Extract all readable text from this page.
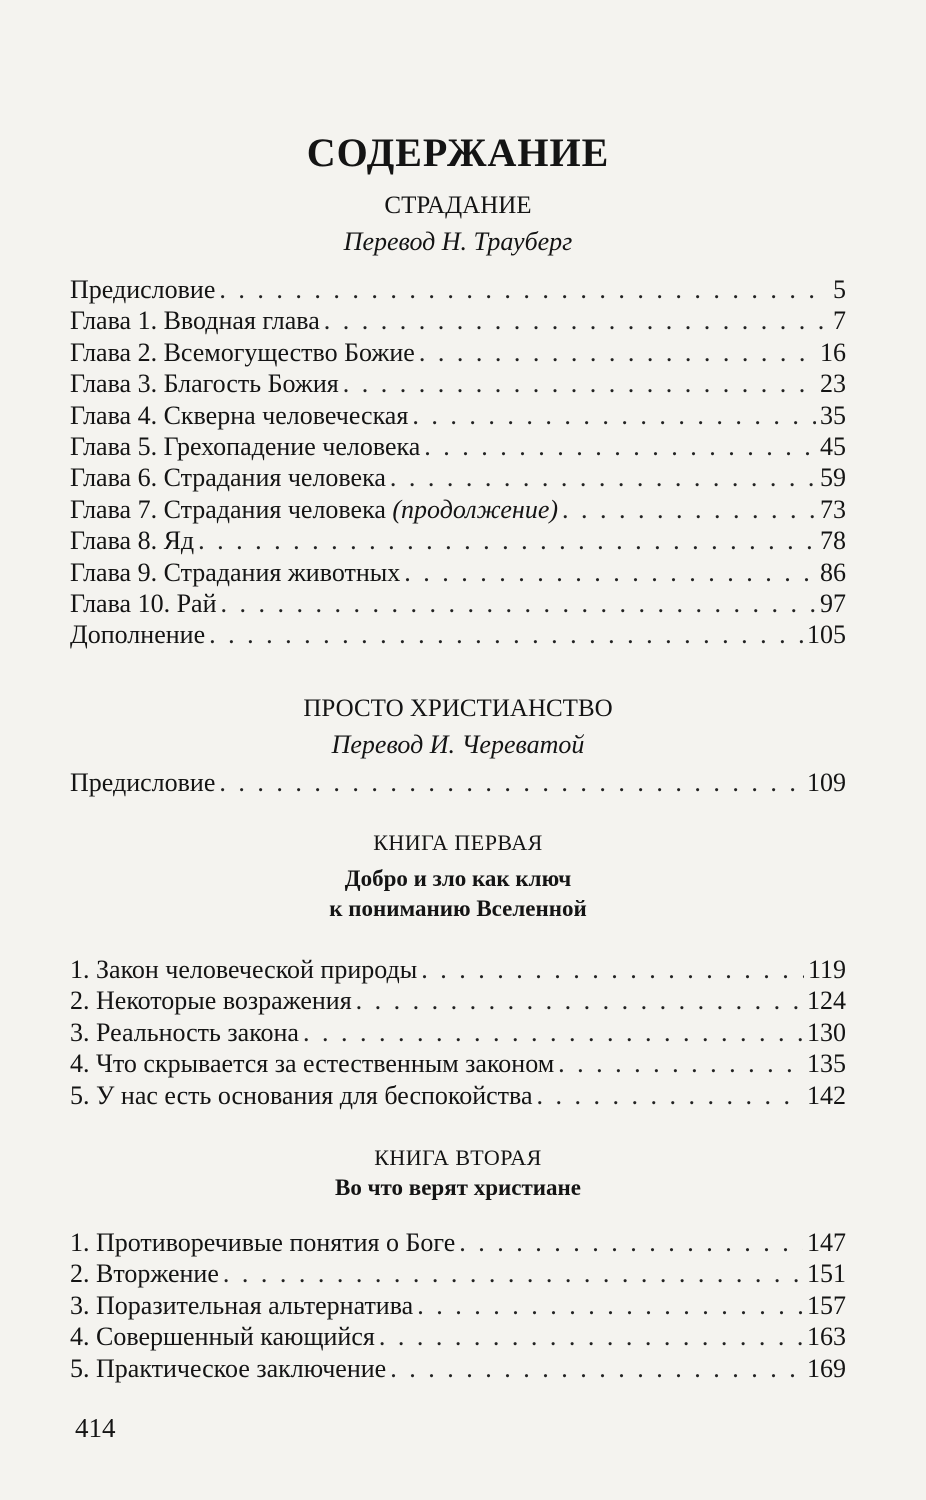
СОДЕРЖАНИЕ
СТРАДАНИЕ

Перевод Н. Трауберг

Предисловие . . .	5
Глава 1. Вводная глава . . .	7
Глава 2. Всемогущество Божие . . .	16
Глава 3. Благость Божия . . .	23
Глава 4. Скверна человеческая . . .	35
Глава 5. Грехопадение человека . . .	45
Глава 6. Страдания человека . . .	59
Глава 7. Страдания человека (продолжение) . . .	73
Глава 8. Яд . . .	78
Глава 9. Страдания животных . . .	86
Глава 10. Рай . . .	97
Дополнение . . .	105
ПРОСТО ХРИСТИАНСТВО

Перевод И. Череватой

Предисловие . . .	109

КНИГА ПЕРВАЯ

Добро и зло как ключ

к пониманию Вселенной

1. Закон человеческой природы . . .	119
2. Некоторые возражения . . .	124
3. Реальность закона . . .	130
4. Что скрывается за естественным законом . . .	135
5. У нас есть основания для беспокойства . . .	142

КНИГА ВТОРАЯ

Во что верят христиане

1. Противоречивые понятия о Боге . . .	147
2. Вторжение . . .	151
3. Поразительная альтернатива . . .	157
4. Совершенный кающийся . . .	163
5. Практическое заключение . . .	169
414
